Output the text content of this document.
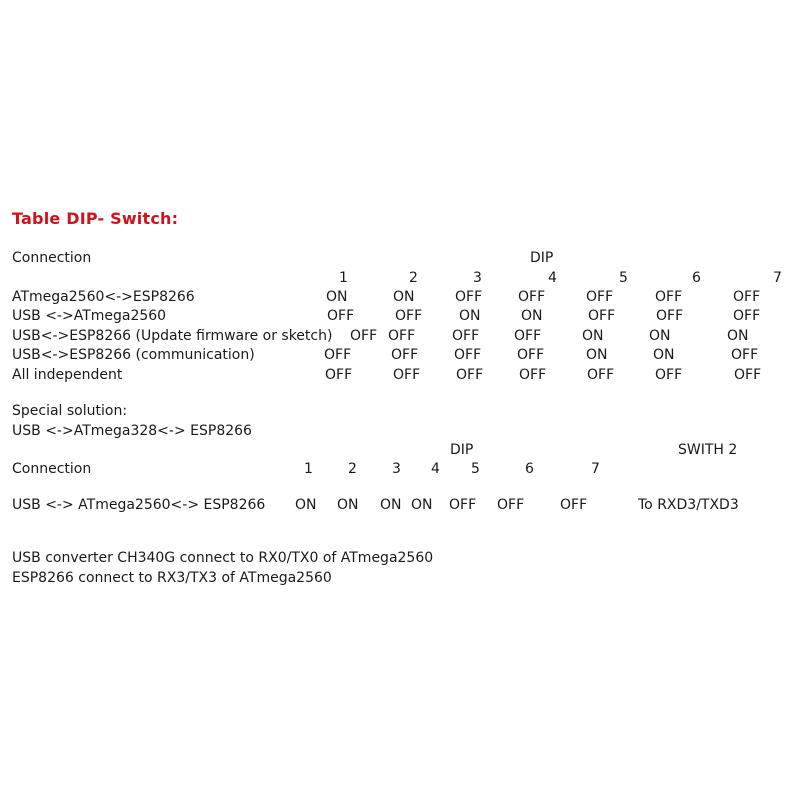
Table DIP- Switch:
Connection	DIP
1	2	3	4	5	6	7
ATmega2560<->ESP8266	ON	ON	OFF	OFF	OFF	OFF	OFF
USB <->ATmega2560	OFF	OFF	ON	ON	OFF	OFF	OFF
USB<->ESP8266 (Update firmware or sketch) OFF OFF	OFF OFF	ON	ON	ON
USB<->ESP8266 (communication)	OFF	OFF	OFF	OFF	ON	ON	OFF
All independent	OFF	OFF	OFF	OFF	OFF	OFF	OFF
Special solution:
USB <->ATmega328<-> ESP8266
DIP	SWITH 2
Connection	1	2	3 4 5	6	7
USB <-> ATmega2560<-> ESP8266 ON ON ON ON OFF OFF	OFF	To RXD3/TXD3
USB converter CH340G connect to RX0/TX0 of ATmega2560
ESP8266 connect to RX3/TX3 of ATmega2560
